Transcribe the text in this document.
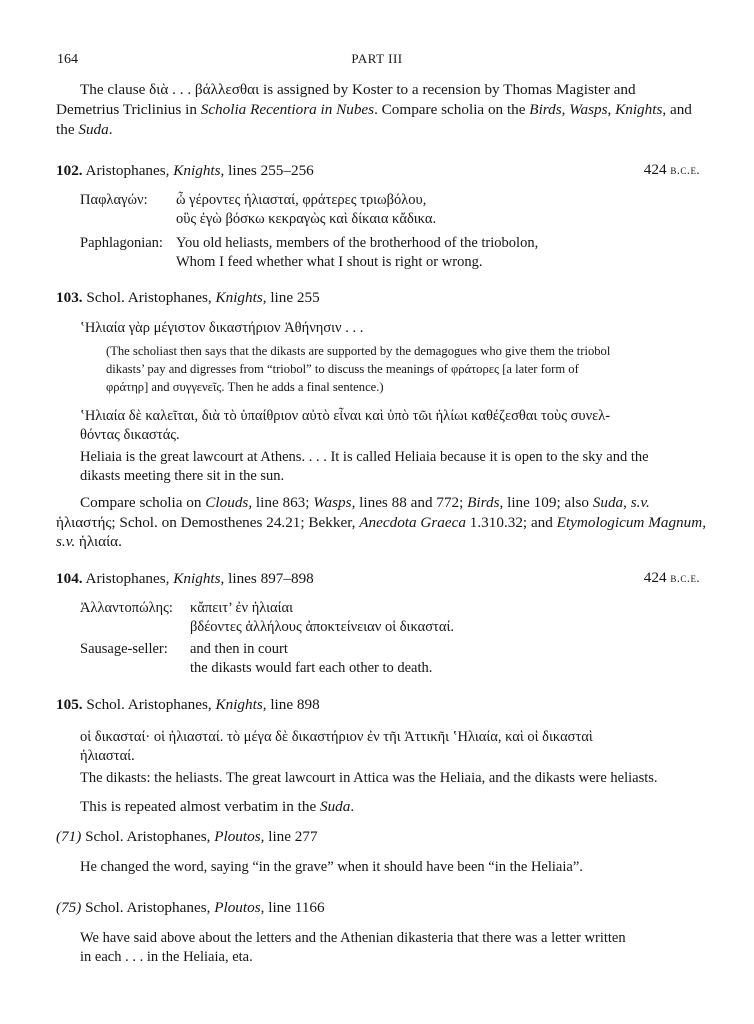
164	PART III
The clause διὰ . . . βάλλεσθαι is assigned by Koster to a recension by Thomas Magister and
Demetrius Triclinius in Scholia Recentiora in Nubes. Compare scholia on the Birds, Wasps, Knights, and
the Suda.
102. Aristophanes, Knights, lines 255–256	424 b.c.e.
Παφλαγών: ὦ γέροντες ἡλιασταί, φράτερες τριωβόλου,
οὓς ἐγὼ βόσκω κεκραγὼς καὶ δίκαια κἄδικα.
Paphlagonian: You old heliasts, members of the brotherhood of the triobolon,
Whom I feed whether what I shout is right or wrong.
103. Schol. Aristophanes, Knights, line 255
ʽΗλιαία γὰρ μέγιστον δικαστήριον Ἀθήνησιν . . .
(The scholiast then says that the dikasts are supported by the demagogues who give them the triobol
dikasts’ pay and digresses from “triobol” to discuss the meanings of φράτορες [a later form of
φράτηρ] and συγγενεῖς. Then he adds a final sentence.)
ʽΗλιαία δὲ καλεῖται, διὰ τὸ ὑπαίθριον αὐτὸ εἶναι καὶ ὑπὸ τῶι ἡλίωι καθέζεσθαι τοὺς συνελ-
θόντας δικαστάς.
Heliaia is the great lawcourt at Athens. . . . It is called Heliaia because it is open to the sky and the
dikasts meeting there sit in the sun.
Compare scholia on Clouds, line 863; Wasps, lines 88 and 772; Birds, line 109; also Suda, s.v.
ἡλιαστής; Schol. on Demosthenes 24.21; Bekker, Anecdota Graeca 1.310.32; and Etymologicum Magnum,
s.v. ἡλιαία.
104. Aristophanes, Knights, lines 897–898	424 b.c.e.
Ἀλλαντοπώλης: κἄπειτ’ ἐν ἡλιαίαι
βδέοντες ἀλλήλους ἀποκτείνειαν οἱ δικασταί.
Sausage-seller: and then in court
the dikasts would fart each other to death.
105. Schol. Aristophanes, Knights, line 898
οἱ δικασταί· οἱ ἡλιασταί. τὸ μέγα δὲ δικαστήριον ἐν τῆι Ἀττικῆι ʽΗλιαία, καὶ οἱ δικασταὶ
ἡλιασταί.
The dikasts: the heliasts. The great lawcourt in Attica was the Heliaia, and the dikasts were heliasts.
This is repeated almost verbatim in the Suda.
(71) Schol. Aristophanes, Ploutos, line 277
He changed the word, saying “in the grave” when it should have been “in the Heliaia”.
(75) Schol. Aristophanes, Ploutos, line 1166
We have said above about the letters and the Athenian dikasteria that there was a letter written
in each . . . in the Heliaia, eta.
